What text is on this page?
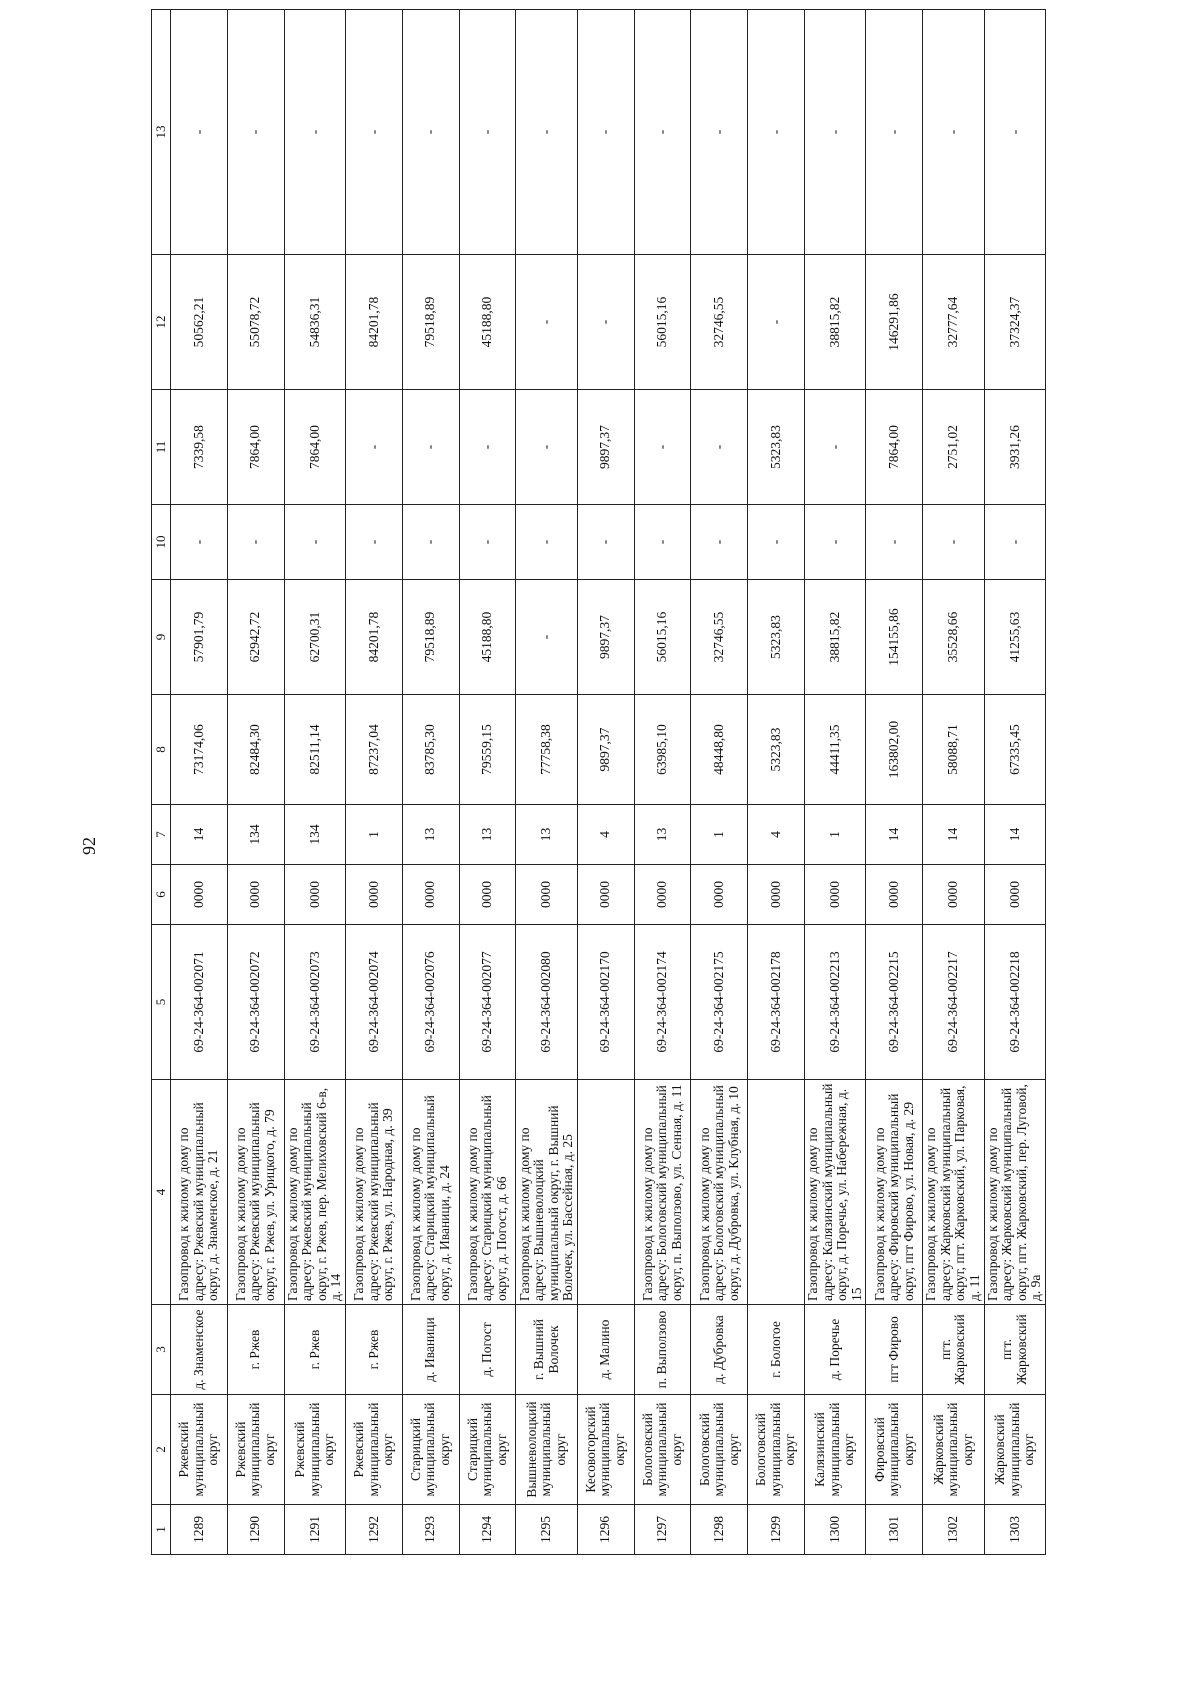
92
1	2	3	4	5	6	7	8	9	10	11	12	13
1289	Ржевский муниципальный округ	д. Знаменское	Газопровод к жилому дому по адресу: Ржевский муниципальный округ, д. Знаменское, д. 21	69-24-364-002071	0000	14	73174,06	57901,79	-	7339,58	50562,21	-
1290	Ржевский муниципальный округ	г. Ржев	Газопровод к жилому дому по адресу: Ржевский муниципальный округ, г. Ржев, ул. Урицкого, д. 79	69-24-364-002072	0000	134	82484,30	62942,72	-	7864,00	55078,72	-
1291	Ржевский муниципальный округ	г. Ржев	Газопровод к жилому дому по адресу: Ржевский муниципальный округ, г. Ржев, пер. Мелиховский 6-в, д. 14	69-24-364-002073	0000	134	82511,14	62700,31	-	7864,00	54836,31	-
1292	Ржевский муниципальный округ	г. Ржев	Газопровод к жилому дому по адресу: Ржевский муниципальный округ, г. Ржев, ул. Народная, д. 39	69-24-364-002074	0000	1	87237,04	84201,78	-	-	84201,78	-
1293	Старицкий муниципальный округ	д. Иваници	Газопровод к жилому дому по адресу: Старицкий муниципальный округ, д. Иваници, д. 24	69-24-364-002076	0000	13	83785,30	79518,89	-	-	79518,89	-
1294	Старицкий муниципальный округ	д. Погост	Газопровод к жилому дому по адресу: Старицкий муниципальный округ, д. Погост, д. 66	69-24-364-002077	0000	13	79559,15	45188,80	-	-	45188,80	-
1295	Вышневолоцкий муниципальный округ	г. Вышний Волочек	Газопровод к жилому дому по адресу: Вышневолоцкий муниципальный округ, г. Вышний Волочек, ул. Бассейная, д. 25	69-24-364-002080	0000	13	77758,38	-	-	-	-	-
1296	Кесовогорский муниципальный округ	д. Малино		69-24-364-002170	0000	4	9897,37	9897,37	-	9897,37	-	-
1297	Бологовский муниципальный округ	п. Выползово	Газопровод к жилому дому по адресу: Бологовский муниципальный округ, п. Выползово, ул. Сенная, д. 11	69-24-364-002174	0000	13	63985,10	56015,16	-	-	56015,16	-
1298	Бологовский муниципальный округ	д. Дубровка	Газопровод к жилому дому по адресу: Бологовский муниципальный округ, д. Дубровка, ул. Клубная, д. 10	69-24-364-002175	0000	1	48448,80	32746,55	-	-	32746,55	-
1299	Бологовский муниципальный округ	г. Бологое		69-24-364-002178	0000	4	5323,83	5323,83	-	5323,83	-	-
1300	Калязинский муниципальный округ	д. Поречье	Газопровод к жилому дому по адресу: Калязинский муниципальный округ, д. Поречье, ул. Набережная, д. 15	69-24-364-002213	0000	1	44411,35	38815,82	-	-	38815,82	-
1301	Фировский муниципальный округ	пгт Фирово	Газопровод к жилому дому по адресу: Фировский муниципальный округ, пгт Фирово, ул. Новая, д. 29	69-24-364-002215	0000	14	163802,00	154155,86	-	7864,00	146291,86	-
1302	Жарковский муниципальный округ	пгт. Жарковский	Газопровод к жилому дому по адресу: Жарковский муниципальный округ, пгт. Жарковский, ул. Парковая, д. 11	69-24-364-002217	0000	14	58088,71	35528,66	-	2751,02	32777,64	-
1303	Жарковский муниципальный округ	пгт. Жарковский	Газопровод к жилому дому по адресу: Жарковский муниципальный округ, пгт. Жарковский, пер. Луговой, д. 9а	69-24-364-002218	0000	14	67335,45	41255,63	-	3931,26	37324,37	-
